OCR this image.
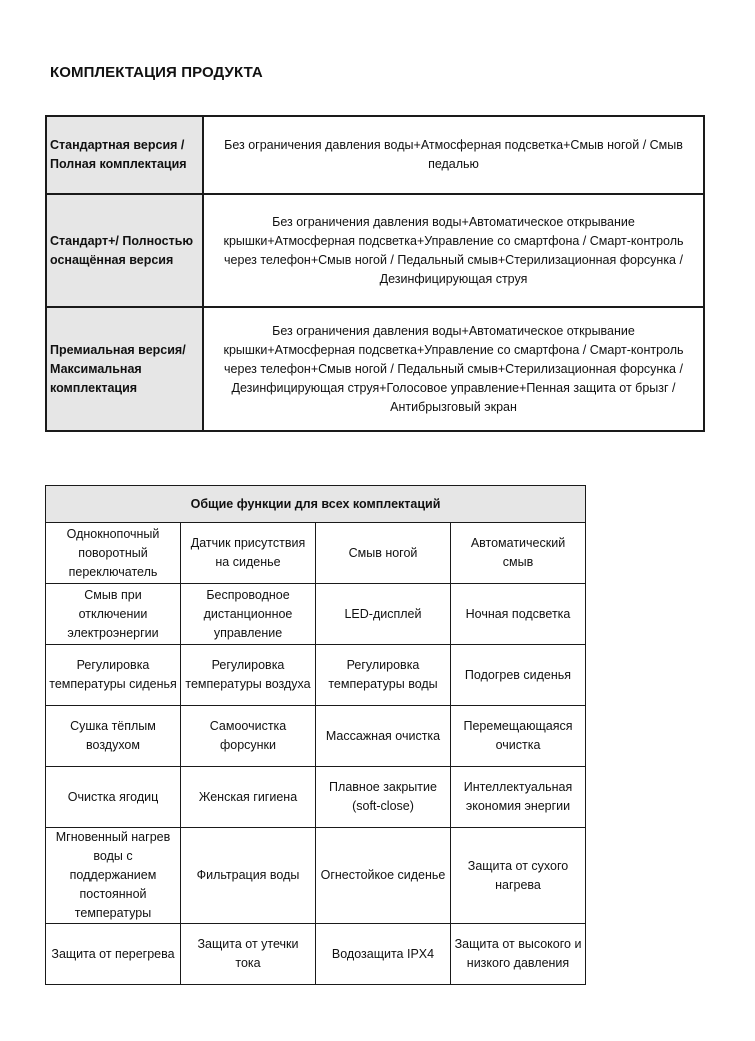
КОМПЛЕКТАЦИЯ ПРОДУКТА
Стандартная версия / Полная комплектация	Без ограничения давления воды+Атмосферная подсветка+Смыв ногой / Смыв педалью
Стандарт+/ Полностью оснащённая версия	Без ограничения давления воды+Автоматическое открывание крышки+Атмосферная подсветка+Управление со смартфона / Смарт-контроль через телефон+Смыв ногой / Педальный смыв+Стерилизационная форсунка / Дезинфицирующая струя
Премиальная версия/Максимальная комплектация	Без ограничения давления воды+Автоматическое открывание крышки+Атмосферная подсветка+Управление со смартфона / Смарт-контроль через телефон+Смыв ногой / Педальный смыв+Стерилизационная форсунка / Дезинфицирующая струя+Голосовое управление+Пенная защита от брызг / Антибрызговый экран
Общие функции для всех комплектаций			
Однокнопочный поворотный переключатель	Датчик присутствия на сиденье	Смыв ногой	Автоматический смыв
Смыв при отключении электроэнергии	Беспроводное дистанционное управление	LED-дисплей	Ночная подсветка
Регулировка температуры сиденья	Регулировка температуры воздуха	Регулировка температуры воды	Подогрев сиденья
Сушка тёплым воздухом	Самоочистка форсунки	Массажная очистка	Перемещающаяся очистка
Очистка ягодиц	Женская гигиена	Плавное закрытие (soft-close)	Интеллектуальная экономия энергии
Мгновенный нагрев воды с поддержанием постоянной температуры	Фильтрация воды	Огнестойкое сиденье	Защита от сухого нагрева
Защита от перегрева	Защита от утечки тока	Водозащита IPX4	Защита от высокого и низкого давления
